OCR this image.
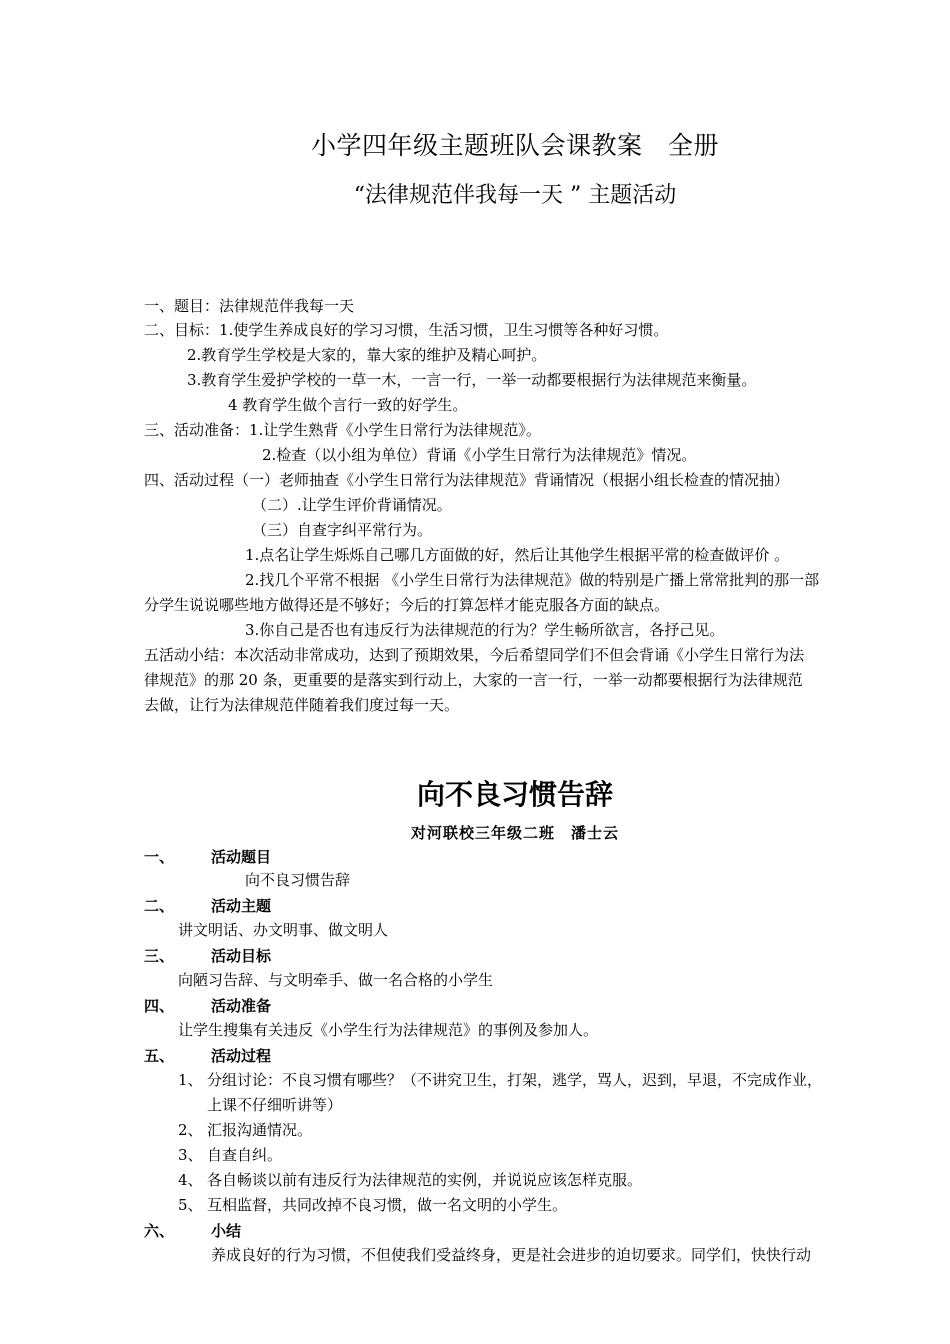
小学四年级主题班队会课教案　全册
“法律规范伴我每一天 ” 主题活动
一、题目：法律规范伴我每一天
二、目标：1.使学生养成良好的学习习惯，生活习惯，卫生习惯等各种好习惯。
2.教育学生学校是大家的，靠大家的维护及精心呵护。
3.教育学生爱护学校的一草一木，一言一行，一举一动都要根据行为法律规范来衡量。
4 教育学生做个言行一致的好学生。
三、活动准备：1.让学生熟背《小学生日常行为法律规范》。
2.检查（以小组为单位）背诵《小学生日常行为法律规范》情况。
四、活动过程（一）老师抽查《小学生日常行为法律规范》背诵情况（根据小组长检查的情况抽）
（二）.让学生评价背诵情况。
（三）自查字纠平常行为。
1.点名让学生烁烁自己哪几方面做的好，然后让其他学生根据平常的检查做评价 。
2.找几个平常不根据 《小学生日常行为法律规范》做的特别是广播上常常批判的那一部
分学生说说哪些地方做得还是不够好；今后的打算怎样才能克服各方面的缺点。
3.你自己是否也有违反行为法律规范的行为？学生畅所欲言，各抒己见。
五活动小结：本次活动非常成功，达到了预期效果，今后希望同学们不但会背诵《小学生日常行为法
律规范》的那 20 条，更重要的是落实到行动上，大家的一言一行，一举一动都要根据行为法律规范
去做，让行为法律规范伴随着我们度过每一天。
向不良习惯告辞
对河联校三年级二班　潘士云
一、 活动题目
向不良习惯告辞
二、 活动主题
讲文明话、办文明事、做文明人
三、 活动目标
向陋习告辞、与文明牵手、做一名合格的小学生
四、 活动准备
让学生搜集有关违反《小学生行为法律规范》的事例及参加人。
五、 活动过程
1、 分组讨论：不良习惯有哪些？（不讲究卫生，打架，逃学，骂人，迟到，早退，不完成作业，
上课不仔细听讲等）
2、 汇报沟通情况。
3、 自查自纠。
4、 各自畅谈以前有违反行为法律规范的实例，并说说应该怎样克服。
5、 互相监督，共同改掉不良习惯，做一名文明的小学生。
六、 小结
养成良好的行为习惯，不但使我们受益终身，更是社会进步的迫切要求。同学们，快快行动
